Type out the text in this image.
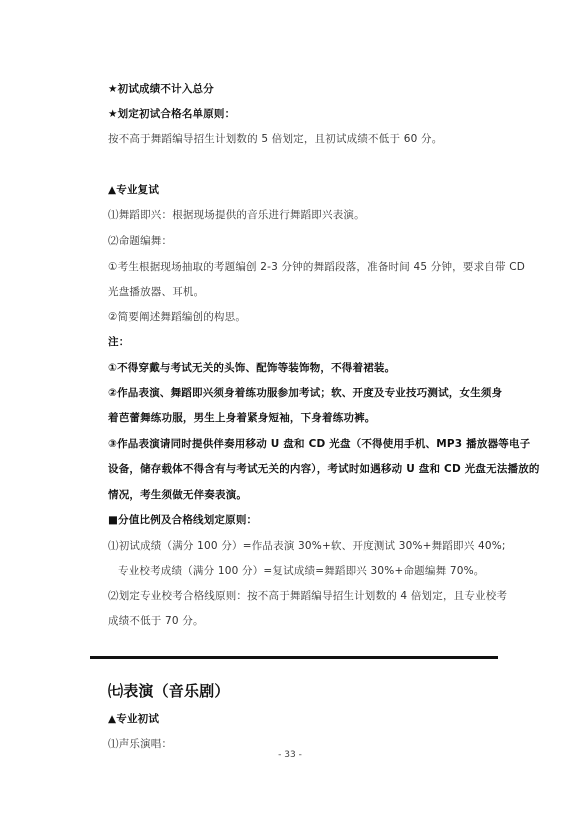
★初试成绩不计入总分
★划定初试合格名单原则：
按不高于舞蹈编导招生计划数的 5 倍划定，且初试成绩不低于 60 分。
▲专业复试
⑴舞蹈即兴：根据现场提供的音乐进行舞蹈即兴表演。
⑵命题编舞：
①考生根据现场抽取的考题编创 2-3 分钟的舞蹈段落，准备时间 45 分钟，要求自带 CD
光盘播放器、耳机。
②简要阐述舞蹈编创的构思。
注：
①不得穿戴与考试无关的头饰、配饰等装饰物，不得着裙装。
②作品表演、舞蹈即兴须身着练功服参加考试；软、开度及专业技巧测试，女生须身
着芭蕾舞练功服，男生上身着紧身短袖，下身着练功裤。
③作品表演请同时提供伴奏用移动 U 盘和 CD 光盘（不得使用手机、MP3 播放器等电子
设备，储存载体不得含有与考试无关的内容），考试时如遇移动 U 盘和 CD 光盘无法播放的
情况，考生须做无伴奏表演。
■分值比例及合格线划定原则：
⑴初试成绩（满分 100 分）=作品表演 30%+软、开度测试 30%+舞蹈即兴 40%;
专业校考成绩（满分 100 分）=复试成绩=舞蹈即兴 30%+命题编舞 70%。
⑵划定专业校考合格线原则：按不高于舞蹈编导招生计划数的 4 倍划定，且专业校考
成绩不低于 70 分。
㈦表演（音乐剧）
▲专业初试
⑴声乐演唱：
- 33 -
